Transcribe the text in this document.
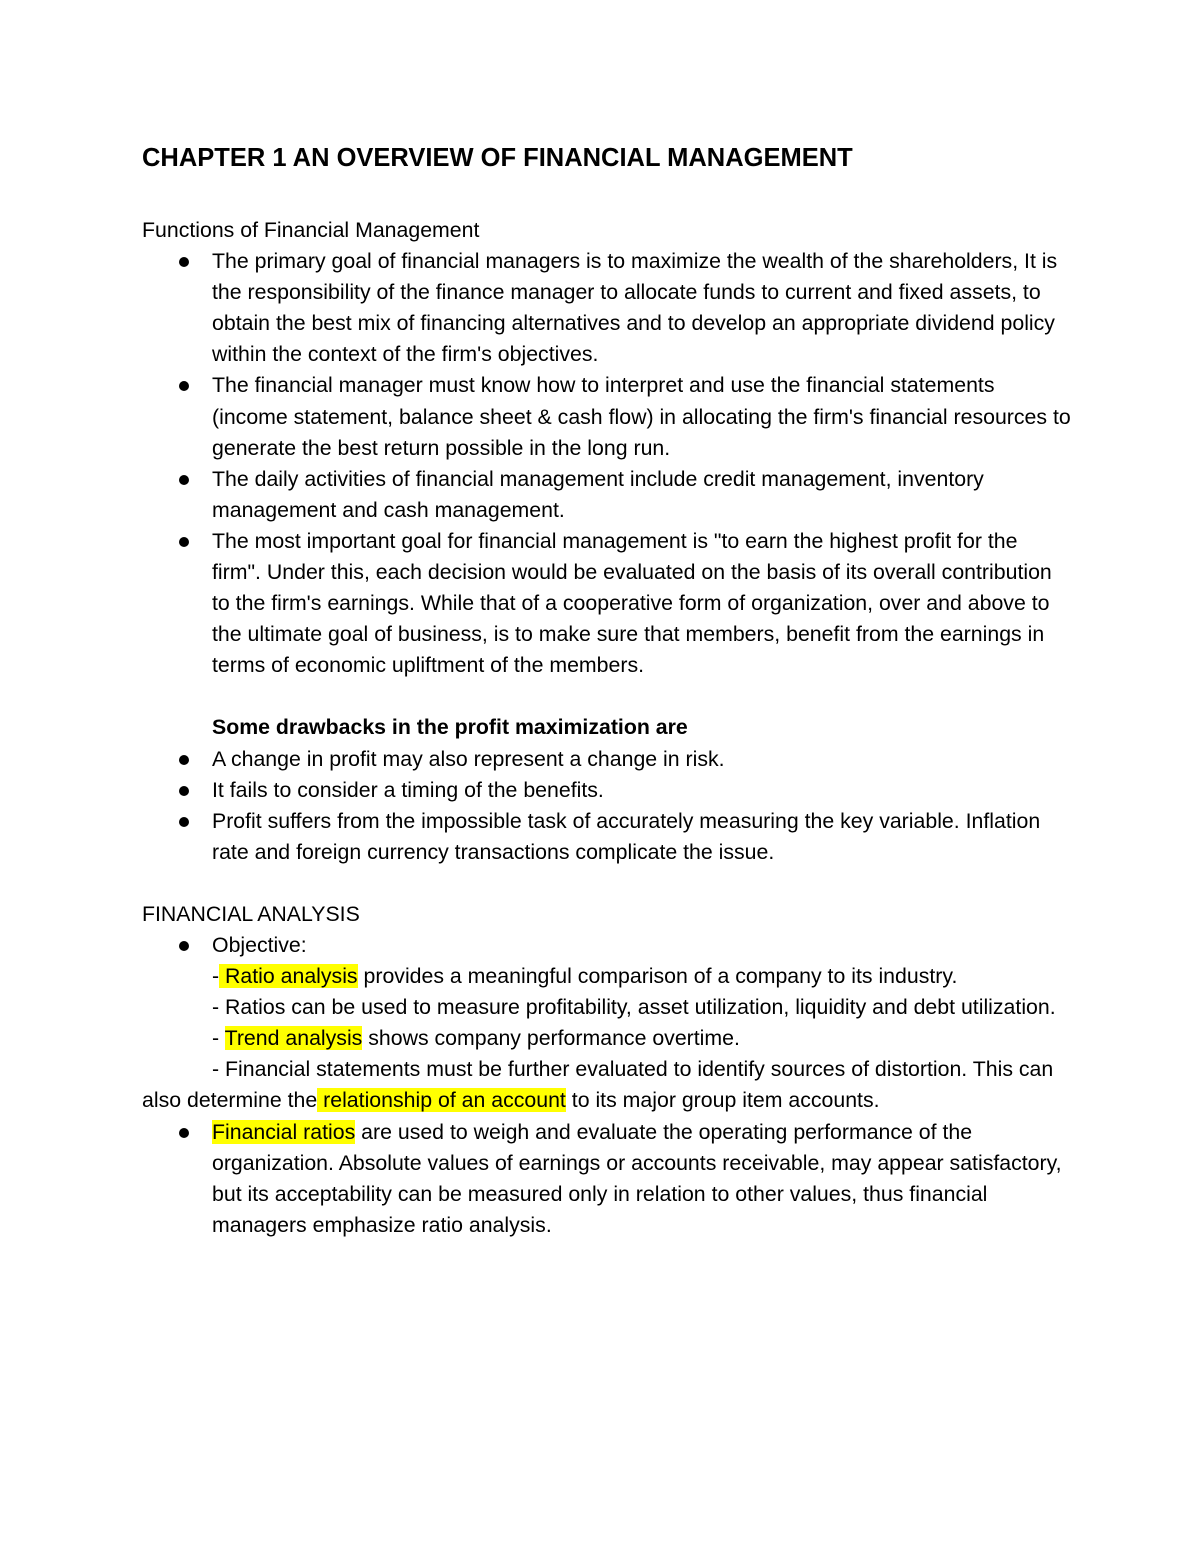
CHAPTER 1 AN OVERVIEW OF FINANCIAL MANAGEMENT

Functions of Financial Management

The primary goal of financial managers is to maximize the wealth of the shareholders, It is the responsibility of the finance manager to allocate funds to current and fixed assets, to obtain the best mix of financing alternatives and to develop an appropriate dividend policy within the context of the firm's objectives.
The financial manager must know how to interpret and use the financial statements (income statement, balance sheet & cash flow) in allocating the firm's financial resources to generate the best return possible in the long run.
The daily activities of financial management include credit management, inventory management and cash management.
The most important goal for financial management is "to earn the highest profit for the firm". Under this, each decision would be evaluated on the basis of its overall contribution to the firm's earnings. While that of a cooperative form of organization, over and above to the ultimate goal of business, is to make sure that members, benefit from the earnings in terms of economic upliftment of the members.

Some drawbacks in the profit maximization are

A change in profit may also represent a change in risk.
It fails to consider a timing of the benefits.
Profit suffers from the impossible task of accurately measuring the key variable. Inflation rate and foreign currency transactions complicate the issue.

FINANCIAL ANALYSIS

Objective:

- Ratio analysis provides a meaningful comparison of a company to its industry.

- Ratios can be used to measure profitability, asset utilization, liquidity and debt utilization.

- Trend analysis shows company performance overtime.

- Financial statements must be further evaluated to identify sources of distortion. This can also determine the relationship of an account to its major group item accounts.

Financial ratios are used to weigh and evaluate the operating performance of the organization. Absolute values of earnings or accounts receivable, may appear satisfactory, but its acceptability can be measured only in relation to other values, thus financial managers emphasize ratio analysis.
